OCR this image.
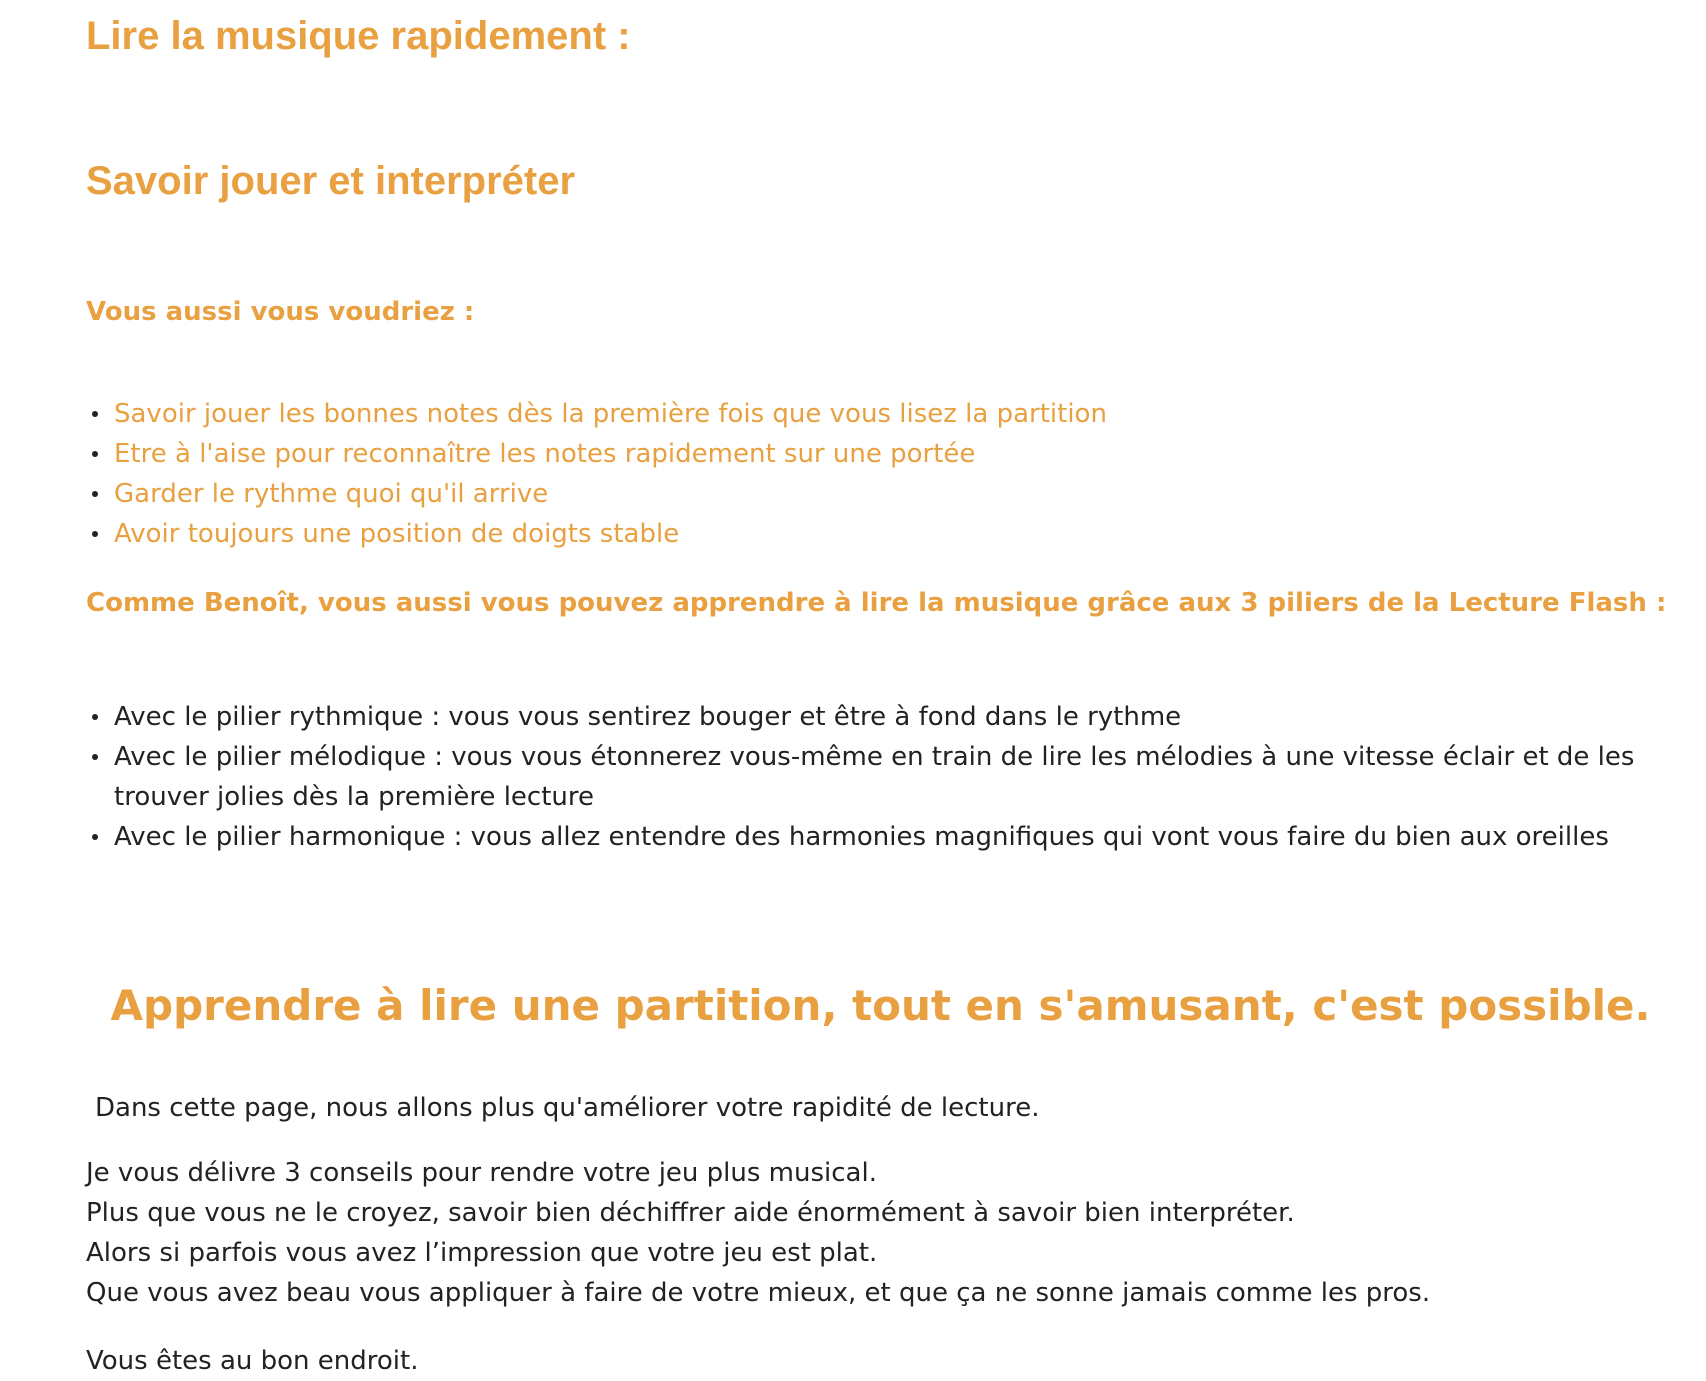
Lire la musique rapidement :
Savoir jouer et interpréter
Vous aussi vous voudriez :
Savoir jouer les bonnes notes dès la première fois que vous lisez la partition
Etre à l'aise pour reconnaître les notes rapidement sur une portée
Garder le rythme quoi qu'il arrive
Avoir toujours une position de doigts stable
Comme Benoît, vous aussi vous pouvez apprendre à lire la musique grâce aux 3 piliers de la Lecture Flash :
Avec le pilier rythmique : vous vous sentirez bouger et être à fond dans le rythme
Avec le pilier mélodique : vous vous étonnerez vous-même en train de lire les mélodies à une vitesse éclair et de les trouver jolies dès la première lecture
Avec le pilier harmonique : vous allez entendre des harmonies magnifiques qui vont vous faire du bien aux oreilles
Apprendre à lire une partition, tout en s'amusant, c'est possible.

Dans cette page, nous allons plus qu'améliorer votre rapidité de lecture.

Je vous délivre 3 conseils pour rendre votre jeu plus musical.

Plus que vous ne le croyez, savoir bien déchiffrer aide énormément à savoir bien interpréter.

Alors si parfois vous avez l’impression que votre jeu est plat.

Que vous avez beau vous appliquer à faire de votre mieux, et que ça ne sonne jamais comme les pros.

Vous êtes au bon endroit.
